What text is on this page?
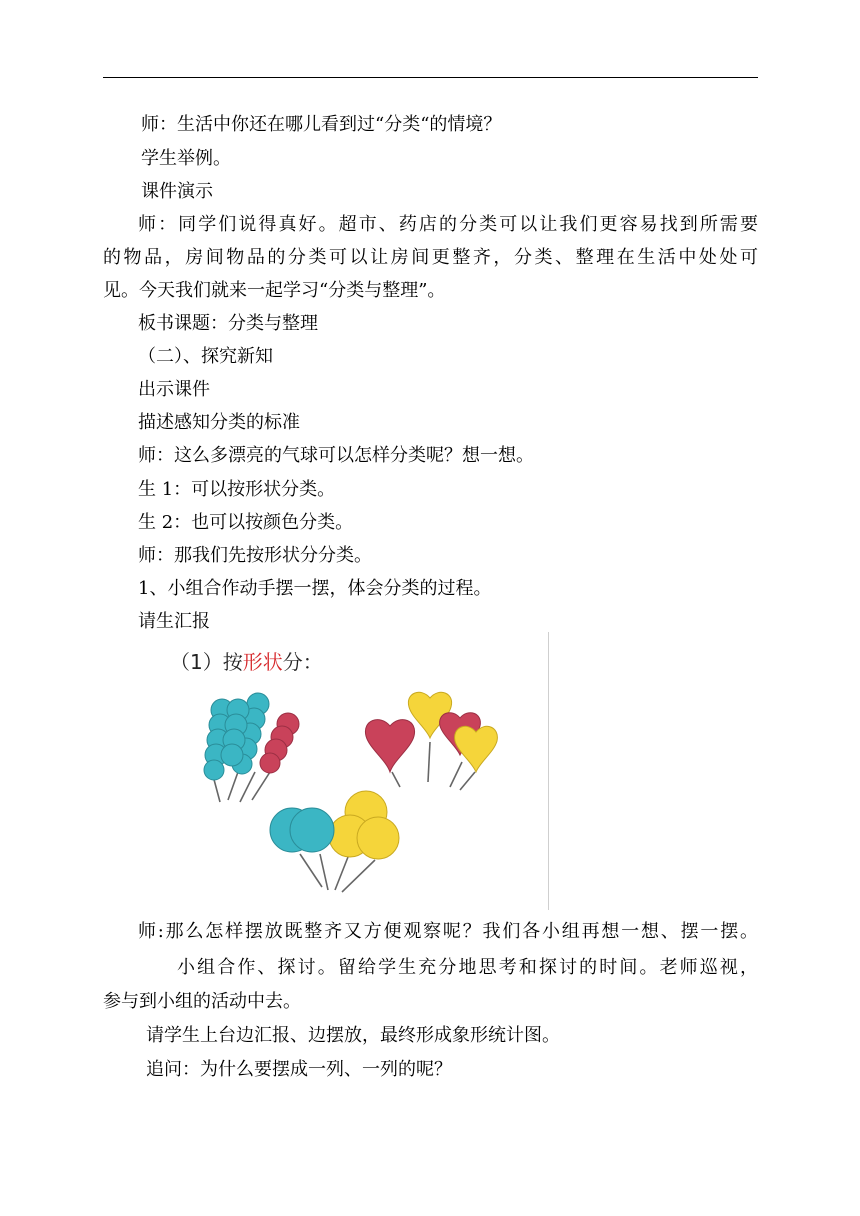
师：生活中你还在哪儿看到过“分类“的情境？
学生举例。
课件演示
师：同学们说得真好。超市、药店的分类可以让我们更容易找到所需要
的物品，房间物品的分类可以让房间更整齐，分类、整理在生活中处处可
见。今天我们就来一起学习“分类与整理”。
板书课题：分类与整理
（二）、探究新知
出示课件
描述感知分类的标准
师：这么多漂亮的气球可以怎样分类呢？想一想。
生 1：可以按形状分类。
生 2：也可以按颜色分类。
师：那我们先按形状分分类。
1、小组合作动手摆一摆，体会分类的过程。
请生汇报
（1）按形状分：
师:那么怎样摆放既整齐又方便观察呢？我们各小组再想一想、摆一摆。
小组合作、探讨。留给学生充分地思考和探讨的时间。老师巡视，
参与到小组的活动中去。
请学生上台边汇报、边摆放，最终形成象形统计图。
追问：为什么要摆成一列、一列的呢？
